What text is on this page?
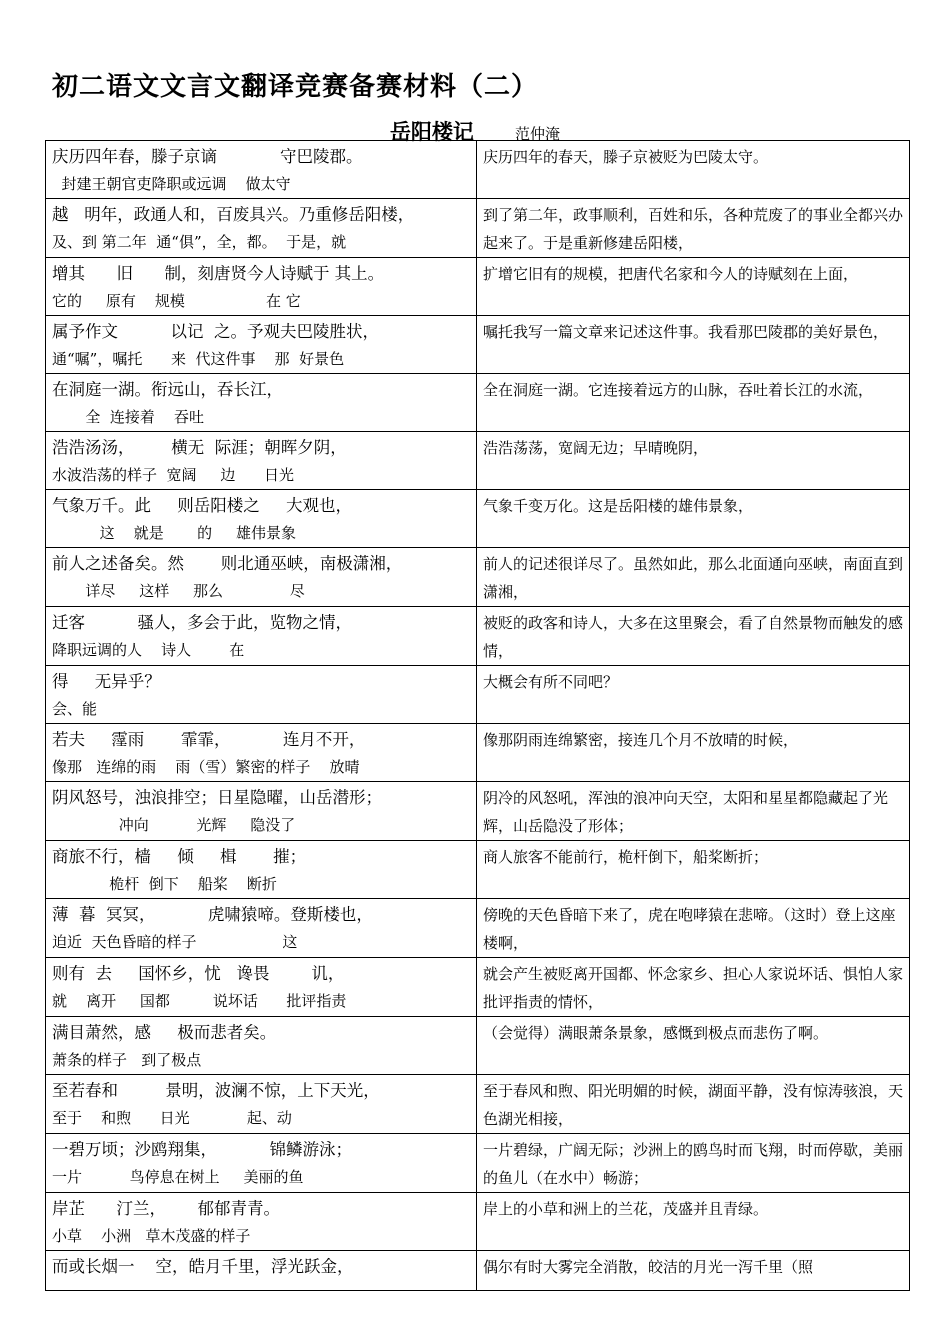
初二语文文言文翻译竞赛备赛材料（二）
岳阳楼记	范仲淹
庆历四年春，滕子京谪            守巴陵郡。
封建王朝官吏降职或远调    做太守	庆历四年的春天，滕子京被贬为巴陵太守。

越   明年，政通人和，百废具兴。乃重修岳阳楼，
及、到 第二年  通“俱”，全，都。  于是，就	到了第二年，政事顺利，百姓和乐，各种荒废了的事业全都兴办起来了。于是重新修建岳阳楼，

增其      旧      制，刻唐贤今人诗赋于 其上。
它的     原有    规模                 在 它	扩增它旧有的规模，把唐代名家和今人的诗赋刻在上面，

属予作文          以记  之。予观夫巴陵胜状，
通“嘱”，嘱托      来  代这件事    那  好景色	嘱托我写一篇文章来记述这件事。我看那巴陵郡的美好景色，

在洞庭一湖。衔远山，吞长江，
全  连接着    吞吐	全在洞庭一湖。它连接着远方的山脉，吞吐着长江的水流，

浩浩汤汤，       横无  际涯；朝晖夕阴，
水波浩荡的样子  宽阔     边      日光	浩浩荡荡，宽阔无边；早晴晚阴，

气象万千。此     则岳阳楼之     大观也，
这    就是       的     雄伟景象	气象千变万化。这是岳阳楼的雄伟景象，

前人之述备矣。然       则北通巫峡，南极潇湘，
详尽     这样     那么              尽	前人的记述很详尽了。虽然如此，那么北面通向巫峡，南面直到潇湘，

迁客          骚人，多会于此，览物之情，
降职远调的人    诗人        在	被贬的政客和诗人，大多在这里聚会，看了自然景物而触发的感情，

得     无异乎？
会、能	大概会有所不同吧？

若夫     霪雨       霏霏，          连月不开，
像那   连绵的雨    雨（雪）繁密的样子    放晴	像那阴雨连绵繁密，接连几个月不放晴的时候，

阴风怒号，浊浪排空；日星隐曜，山岳潜形；
冲向          光辉     隐没了	阴冷的风怒吼，浑浊的浪冲向天空，太阳和星星都隐藏起了光辉，山岳隐没了形体；

商旅不行，樯     倾     楫       摧；
桅杆  倒下    船桨    断折	商人旅客不能前行，桅杆倒下，船桨断折；

薄  暮  冥冥，          虎啸猿啼。登斯楼也，
迫近  天色昏暗的样子                  这	傍晚的天色昏暗下来了，虎在咆哮猿在悲啼。（这时）登上这座楼啊，

则有  去     国怀乡，忧   谗畏        讥，
就    离开     国都         说坏话      批评指责	就会产生被贬离开国都、怀念家乡、担心人家说坏话、惧怕人家批评指责的情怀，

满目萧然，感     极而悲者矣。
萧条的样子   到了极点	（会觉得）满眼萧条景象，感慨到极点而悲伤了啊。

至若春和         景明，波澜不惊，上下天光，
至于    和煦      日光            起、动	至于春风和煦、阳光明媚的时候，湖面平静，没有惊涛骇浪，天色湖光相接，

一碧万顷；沙鸥翔集，          锦鳞游泳；
一片          鸟停息在树上     美丽的鱼	一片碧绿，广阔无际；沙洲上的鸥鸟时而飞翔，时而停歇，美丽的鱼儿（在水中）畅游；

岸芷      汀兰，      郁郁青青。
小草    小洲   草木茂盛的样子	岸上的小草和洲上的兰花，茂盛并且青绿。

而或长烟一    空，皓月千里，浮光跃金，	偶尔有时大雾完全消散，皎洁的月光一泻千里（照
